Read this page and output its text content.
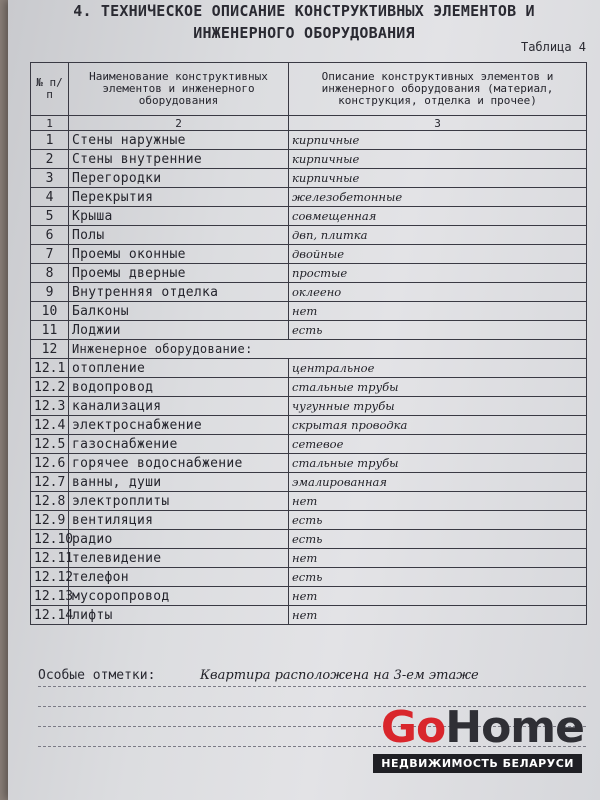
4. ТЕХНИЧЕСКОЕ ОПИСАНИЕ КОНСТРУКТИВНЫХ ЭЛЕМЕНТОВ И
ИНЖЕНЕРНОГО ОБОРУДОВАНИЯ
Таблица 4
№ п/п	Наименование конструктивных элементов и инженерного оборудования	Описание конструктивных элементов и инженерного оборудования (материал, конструкция, отделка и прочее)
1	2	3
1	Стены наружные	кирпичные
2	Стены внутренние	кирпичные
3	Перегородки	кирпичные
4	Перекрытия	железобетонные
5	Крыша	совмещенная
6	Полы	двп, плитка
7	Проемы оконные	двойные
8	Проемы дверные	простые
9	Внутренняя отделка	оклеено
10	Балконы	нет
11	Лоджии	есть
12	Инженерное оборудование:	
12.1	отопление	центральное
12.2	водопровод	стальные трубы
12.3	канализация	чугунные трубы
12.4	электроснабжение	скрытая проводка
12.5	газоснабжение	сетевое
12.6	горячее водоснабжение	стальные трубы
12.7	ванны, души	эмалированная
12.8	электроплиты	нет
12.9	вентиляция	есть
12.10	радио	есть
12.11	телевидение	нет
12.12	телефон	есть
12.13	мусоропровод	нет
12.14	лифты	нет
Особые отметки:	Квартира расположена на 3-ем этаже
GoHome
НЕДВИЖИМОСТЬ БЕЛАРУСИ
